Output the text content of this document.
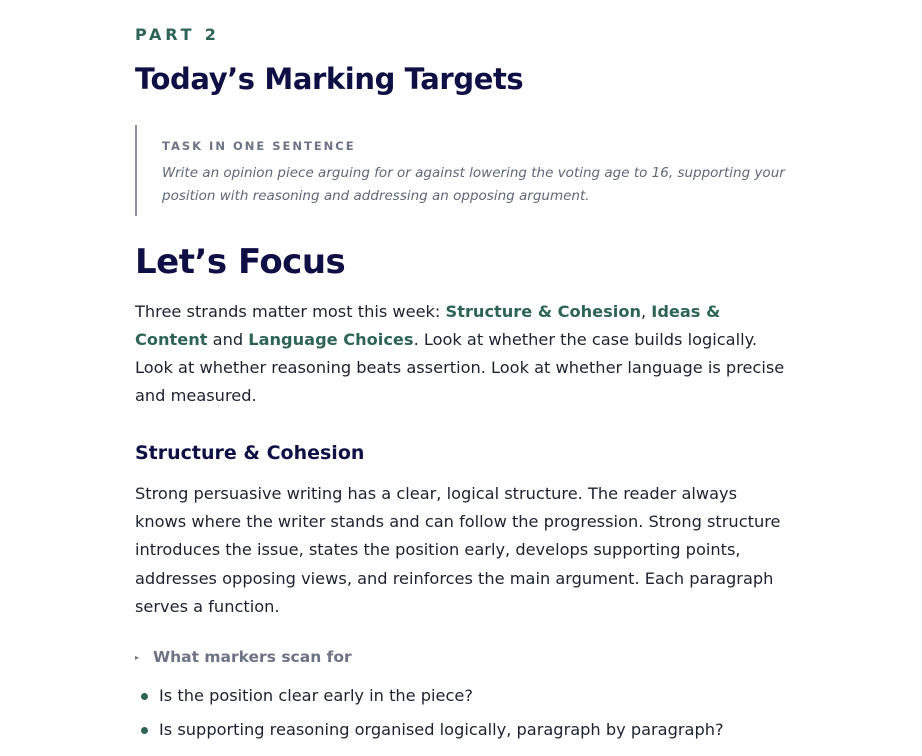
PART 2
Today’s Marking Targets
TASK IN ONE SENTENCE
Write an opinion piece arguing for or against lowering the voting age to 16, supporting your position with reasoning and addressing an opposing argument.
Let’s Focus

Three strands matter most this week: Structure & Cohesion, Ideas & Content and Language Choices. Look at whether the case builds logically. Look at whether reasoning beats assertion. Look at whether language is precise and measured.

Structure & Cohesion

Strong persuasive writing has a clear, logical structure. The reader always knows where the writer stands and can follow the progression. Strong structure introduces the issue, states the position early, develops supporting points, addresses opposing views, and reinforces the main argument. Each paragraph serves a function.

▸ What markers scan for
Is the position clear early in the piece?
Is supporting reasoning organised logically, paragraph by paragraph?
